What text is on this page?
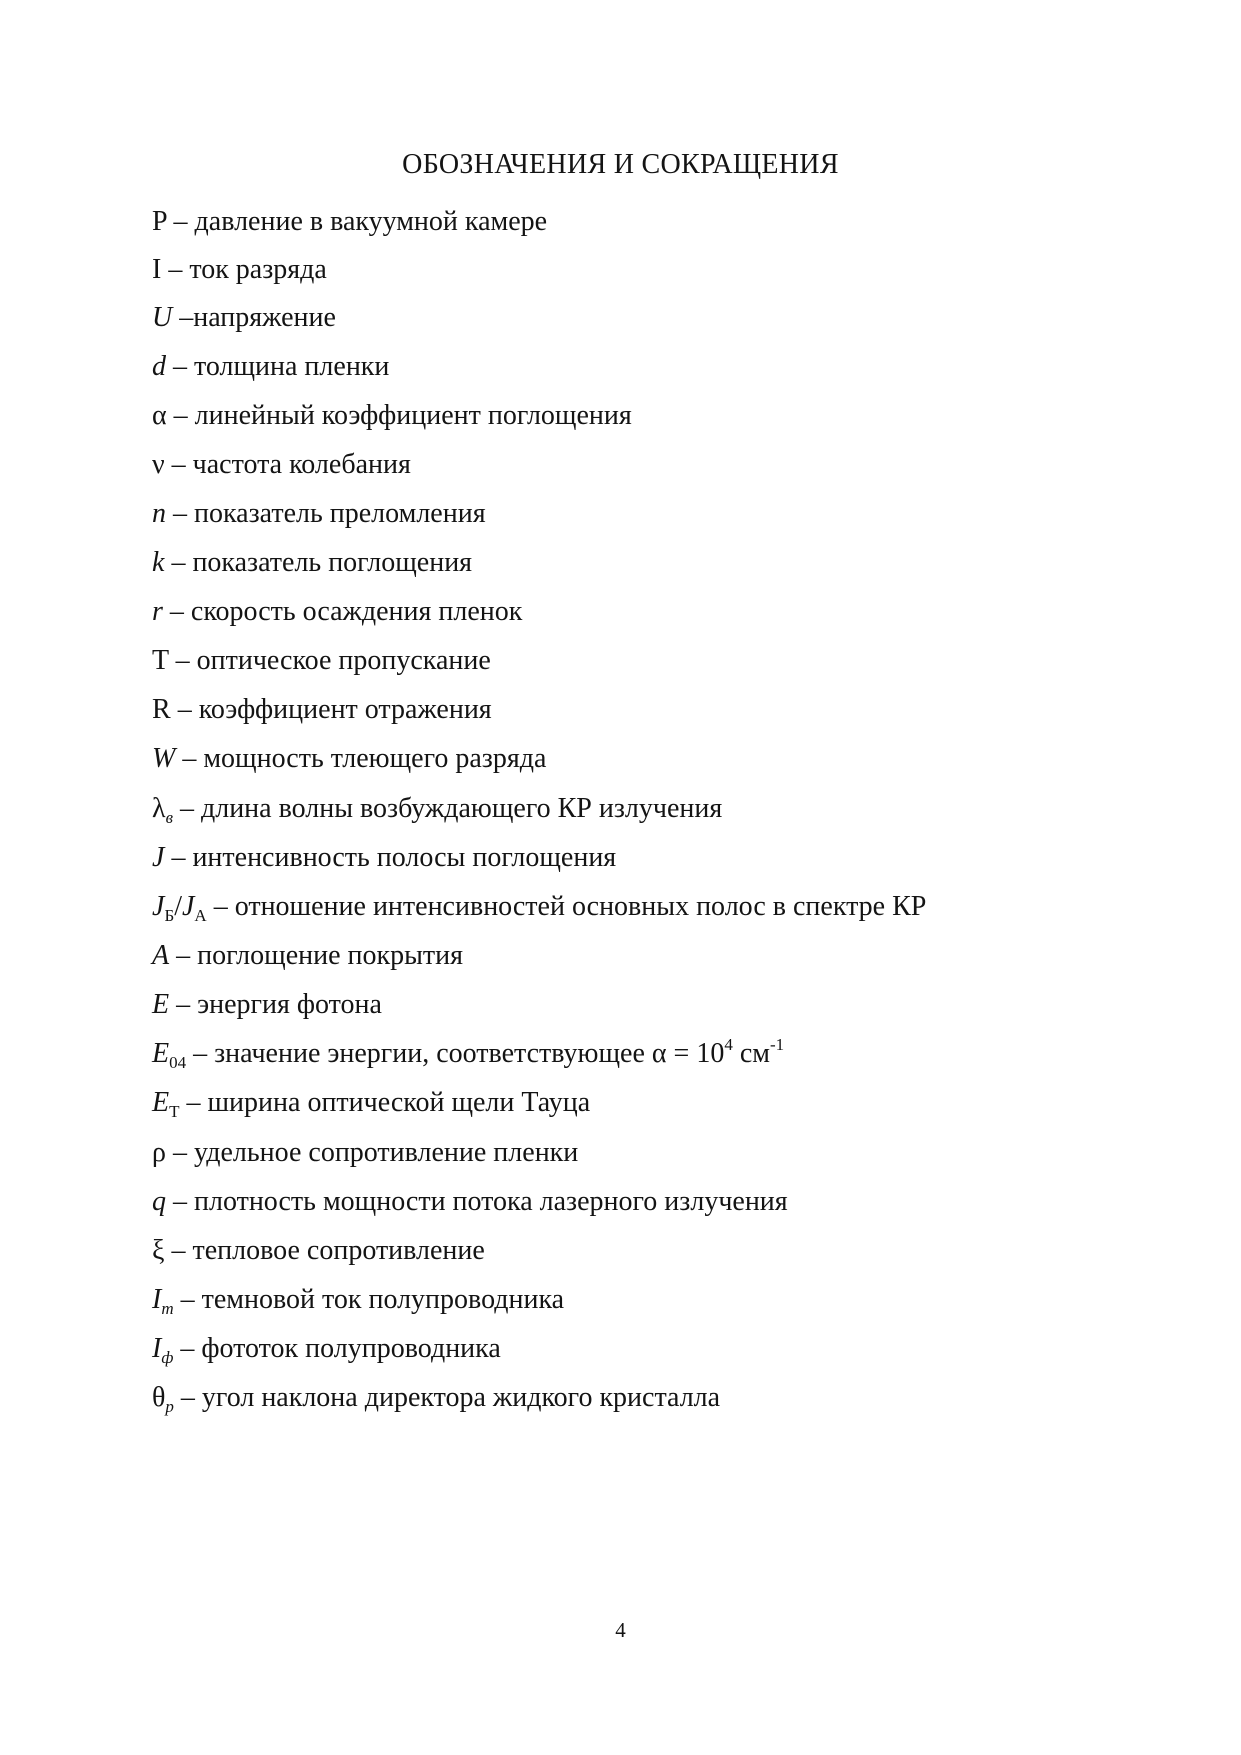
ОБОЗНАЧЕНИЯ И СОКРАЩЕНИЯ
P – давление в вакуумной камере
I – ток разряда
U –напряжение
d – толщина пленки
α – линейный коэффициент поглощения
ν – частота колебания
n – показатель преломления
k – показатель поглощения
r – скорость осаждения пленок
T – оптическое пропускание
R – коэффициент отражения
W – мощность тлеющего разряда
$\lambda_в$ – длина волны возбуждающего КР излучения
J – интенсивность полосы поглощения
$J_Б/J_А$ – отношение интенсивностей основных полос в спектре КР
A – поглощение покрытия
E – энергия фотона
$E_{04}$ – значение энергии, соответствующее $\alpha = 10^4$ $см^{-1}$
$E_T$ – ширина оптической щели Тауца
ρ – удельное сопротивление пленки
q – плотность мощности потока лазерного излучения
ξ – тепловое сопротивление
$I_т$ – темновой ток полупроводника
$I_ф$ – фототок полупроводника
$\theta_p$ – угол наклона директора жидкого кристалла
4
